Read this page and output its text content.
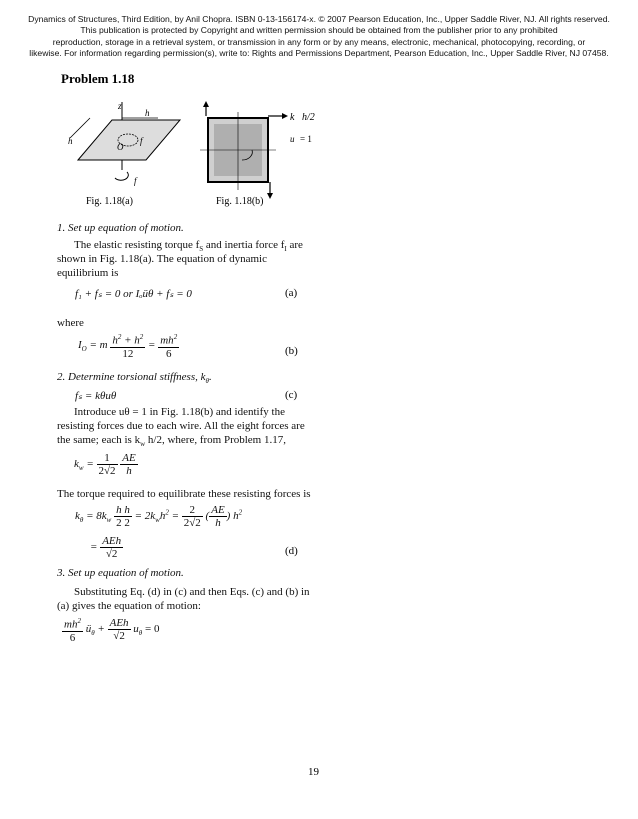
Dynamics of Structures, Third Edition, by Anil Chopra. ISBN 0-13-156174-x. © 2007 Pearson Education, Inc., Upper Saddle River, NJ. All rights reserved.
This publication is protected by Copyright and written permission should be obtained from the publisher prior to any prohibited
reproduction, storage in a retrieval system, or transmission in any form or by any means, electronic, mechanical, photocopying, recording, or
likewise. For information regarding permission(s), write to: Rights and Permissions Department, Pearson Education, Inc., Upper Saddle River, NJ 07458.
Problem 1.18
z
h
h
O
f
f
Fig. 1.18(a)
k h/2
u = 1
Fig. 1.18(b)
1. Set up equation of motion.
The elastic resisting torque $f_S$ and inertia force $f_I$ are
shown in Fig. 1.18(a). The equation of dynamic
equilibrium is
f₁ + fₛ = 0 or Iₒüθ + fₛ = 0	(a)
where
$I_O = m \frac{h^2 + h^2}{12} = \frac{mh^2}{6}$	(b)
2. Determine torsional stiffness, $k_\theta$.
fₛ = kθuθ	(c)
Introduce uθ = 1 in Fig. 1.18(b) and identify the
resisting forces due to each wire. All the eight forces are
the same; each is $k_w$ h/2, where, from Problem 1.17,
$k_w = \frac{1}{2√2}$
$\frac{AE}{h}$
The torque required to equilibrate these resisting forces is
$k_\theta = 8k_w \frac{\text{h h}}{2 2} = 2k_wh^2 = \frac{2}{2√2}$ ( $\frac{AE}{h}$ ) $h^2$
= $\frac{\text{AEh}}{√2}$	(d)
3. Set up equation of motion.
Substituting Eq. (d) in (c) and then Eqs. (c) and (b) in
(a) gives the equation of motion:
$\frac{mh^2}{6}$ $ü_\theta + \frac{\text{AEh}}{√2} u_\theta = 0$
19
